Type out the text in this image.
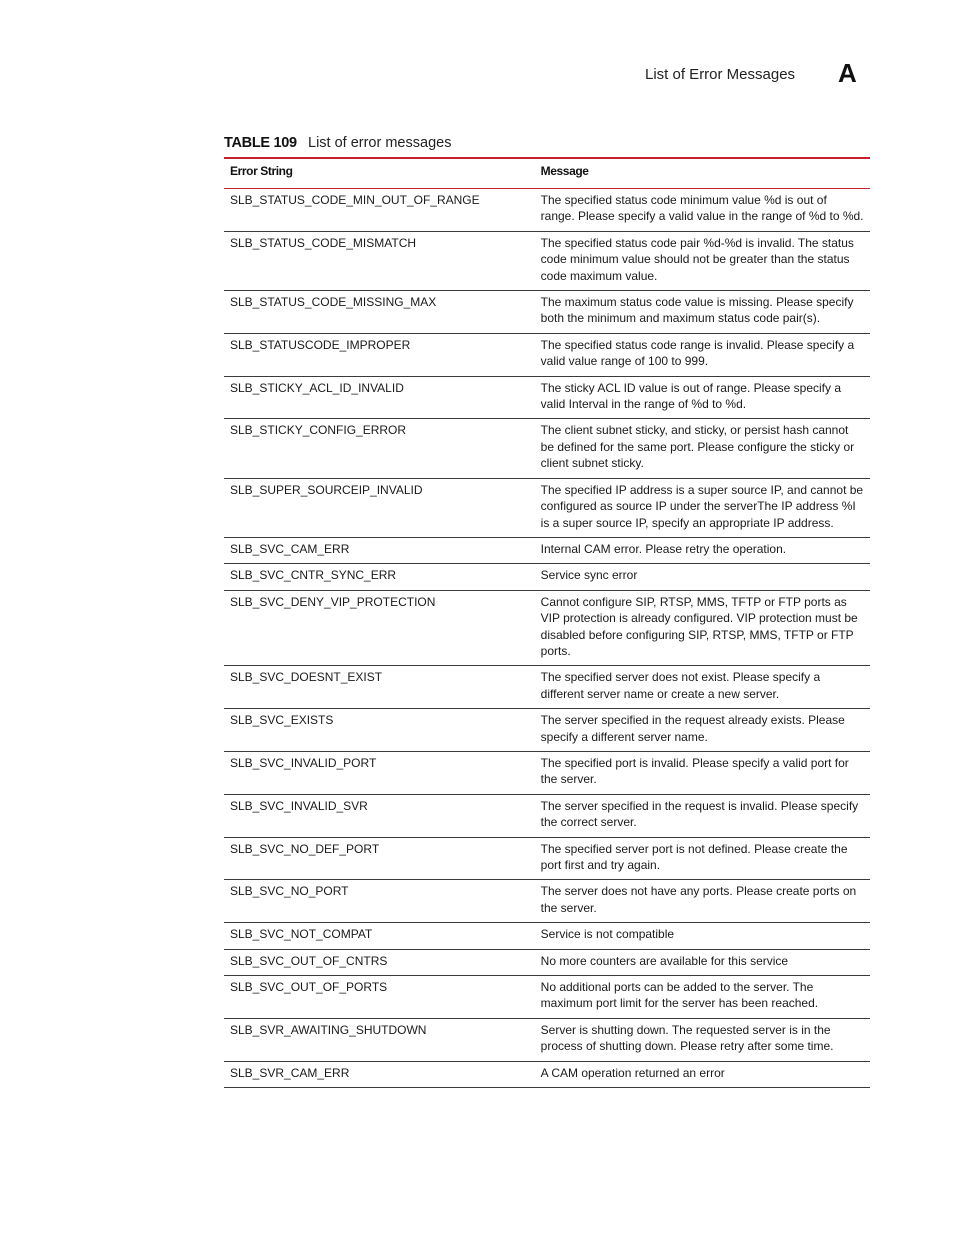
List of Error Messages A
TABLE 109 List of error messages
Error String	Message
SLB_STATUS_CODE_MIN_OUT_OF_RANGE	The specified status code minimum value %d is out of range. Please specify a valid value in the range of %d to %d.
SLB_STATUS_CODE_MISMATCH	The specified status code pair %d-%d is invalid. The status code minimum value should not be greater than the status code maximum value.
SLB_STATUS_CODE_MISSING_MAX	The maximum status code value is missing. Please specify both the minimum and maximum status code pair(s).
SLB_STATUSCODE_IMPROPER	The specified status code range is invalid. Please specify a valid value range of 100 to 999.
SLB_STICKY_ACL_ID_INVALID	The sticky ACL ID value is out of range. Please specify a valid Interval in the range of %d to %d.
SLB_STICKY_CONFIG_ERROR	The client subnet sticky, and sticky, or persist hash cannot be defined for the same port. Please configure the sticky or client subnet sticky.
SLB_SUPER_SOURCEIP_INVALID	The specified IP address is a super source IP, and cannot be configured as source IP under the serverThe IP address %I is a super source IP, specify an appropriate IP address.
SLB_SVC_CAM_ERR	Internal CAM error. Please retry the operation.
SLB_SVC_CNTR_SYNC_ERR	Service sync error
SLB_SVC_DENY_VIP_PROTECTION	Cannot configure SIP, RTSP, MMS, TFTP or FTP ports as VIP protection is already configured. VIP protection must be disabled before configuring SIP, RTSP, MMS, TFTP or FTP ports.
SLB_SVC_DOESNT_EXIST	The specified server does not exist. Please specify a different server name or create a new server.
SLB_SVC_EXISTS	The server specified in the request already exists. Please specify a different server name.
SLB_SVC_INVALID_PORT	The specified port is invalid. Please specify a valid port for the server.
SLB_SVC_INVALID_SVR	The server specified in the request is invalid. Please specify the correct server.
SLB_SVC_NO_DEF_PORT	The specified server port is not defined. Please create the port first and try again.
SLB_SVC_NO_PORT	The server does not have any ports. Please create ports on the server.
SLB_SVC_NOT_COMPAT	Service is not compatible
SLB_SVC_OUT_OF_CNTRS	No more counters are available for this service
SLB_SVC_OUT_OF_PORTS	No additional ports can be added to the server. The maximum port limit for the server has been reached.
SLB_SVR_AWAITING_SHUTDOWN	Server is shutting down. The requested server is in the process of shutting down. Please retry after some time.
SLB_SVR_CAM_ERR	A CAM operation returned an error
